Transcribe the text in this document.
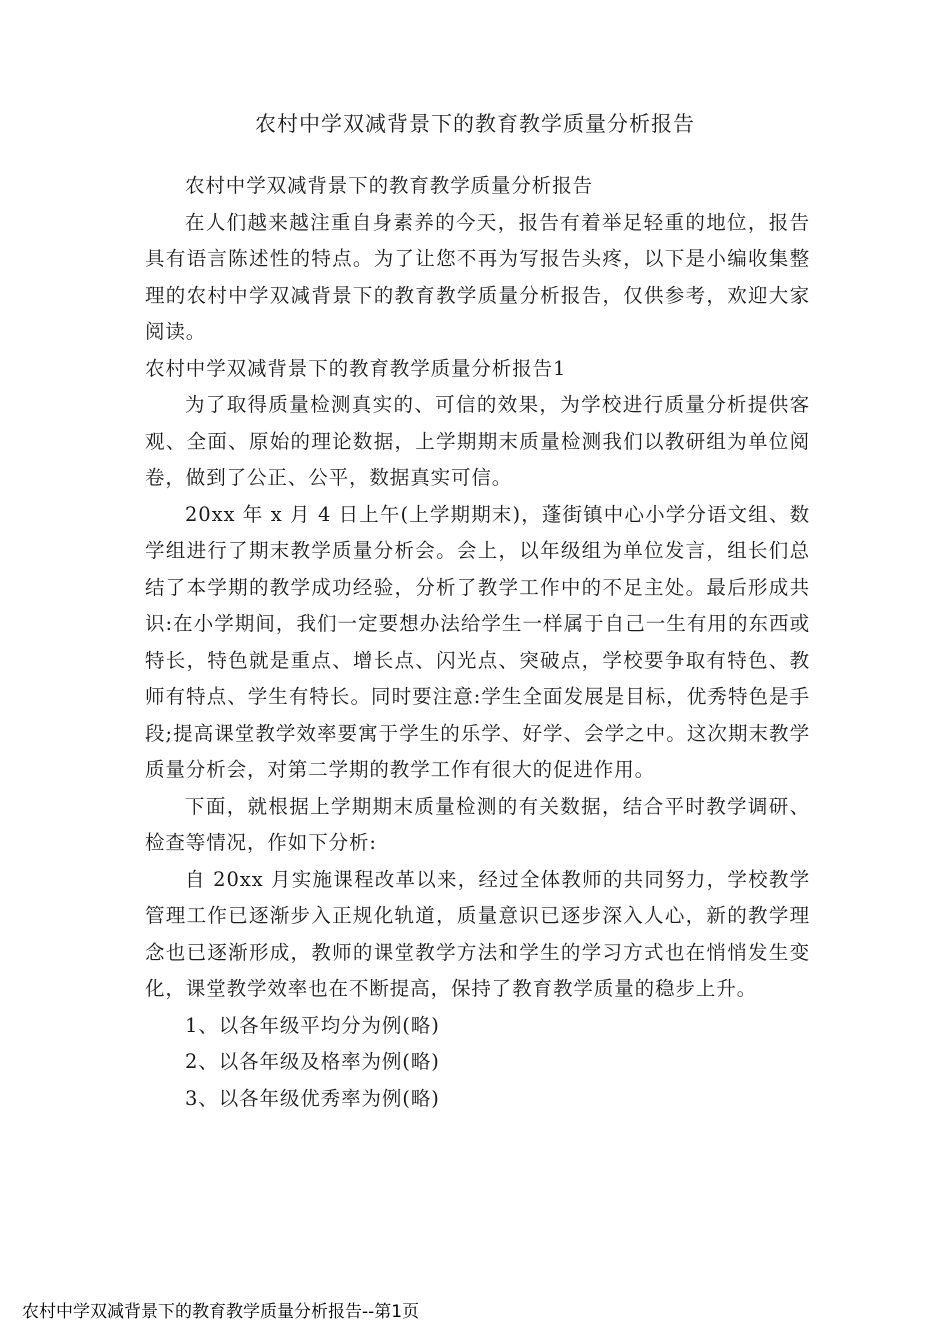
农村中学双减背景下的教育教学质量分析报告

农村中学双减背景下的教育教学质量分析报告

在人们越来越注重自身素养的今天，报告有着举足轻重的地位，报告具有语言陈述性的特点。为了让您不再为写报告头疼，以下是小编收集整理的农村中学双减背景下的教育教学质量分析报告，仅供参考，欢迎大家阅读。

农村中学双减背景下的教育教学质量分析报告1

为了取得质量检测真实的、可信的效果，为学校进行质量分析提供客观、全面、原始的理论数据，上学期期末质量检测我们以教研组为单位阅卷，做到了公正、公平，数据真实可信。

20xx 年 x 月 4 日上午(上学期期末)，蓬街镇中心小学分语文组、数学组进行了期末教学质量分析会。会上，以年级组为单位发言，组长们总结了本学期的教学成功经验，分析了教学工作中的不足主处。最后形成共识:在小学期间，我们一定要想办法给学生一样属于自己一生有用的东西或特长，特色就是重点、增长点、闪光点、突破点，学校要争取有特色、教师有特点、学生有特长。同时要注意:学生全面发展是目标，优秀特色是手段;提高课堂教学效率要寓于学生的乐学、好学、会学之中。这次期末教学质量分析会，对第二学期的教学工作有很大的促进作用。

下面，就根据上学期期末质量检测的有关数据，结合平时教学调研、检查等情况，作如下分析:

自 20xx 月实施课程改革以来，经过全体教师的共同努力，学校教学管理工作已逐渐步入正规化轨道，质量意识已逐步深入人心，新的教学理念也已逐渐形成，教师的课堂教学方法和学生的学习方式也在悄悄发生变化，课堂教学效率也在不断提高，保持了教育教学质量的稳步上升。

1、以各年级平均分为例(略)

2、以各年级及格率为例(略)

3、以各年级优秀率为例(略)

农村中学双减背景下的教育教学质量分析报告--第1页
